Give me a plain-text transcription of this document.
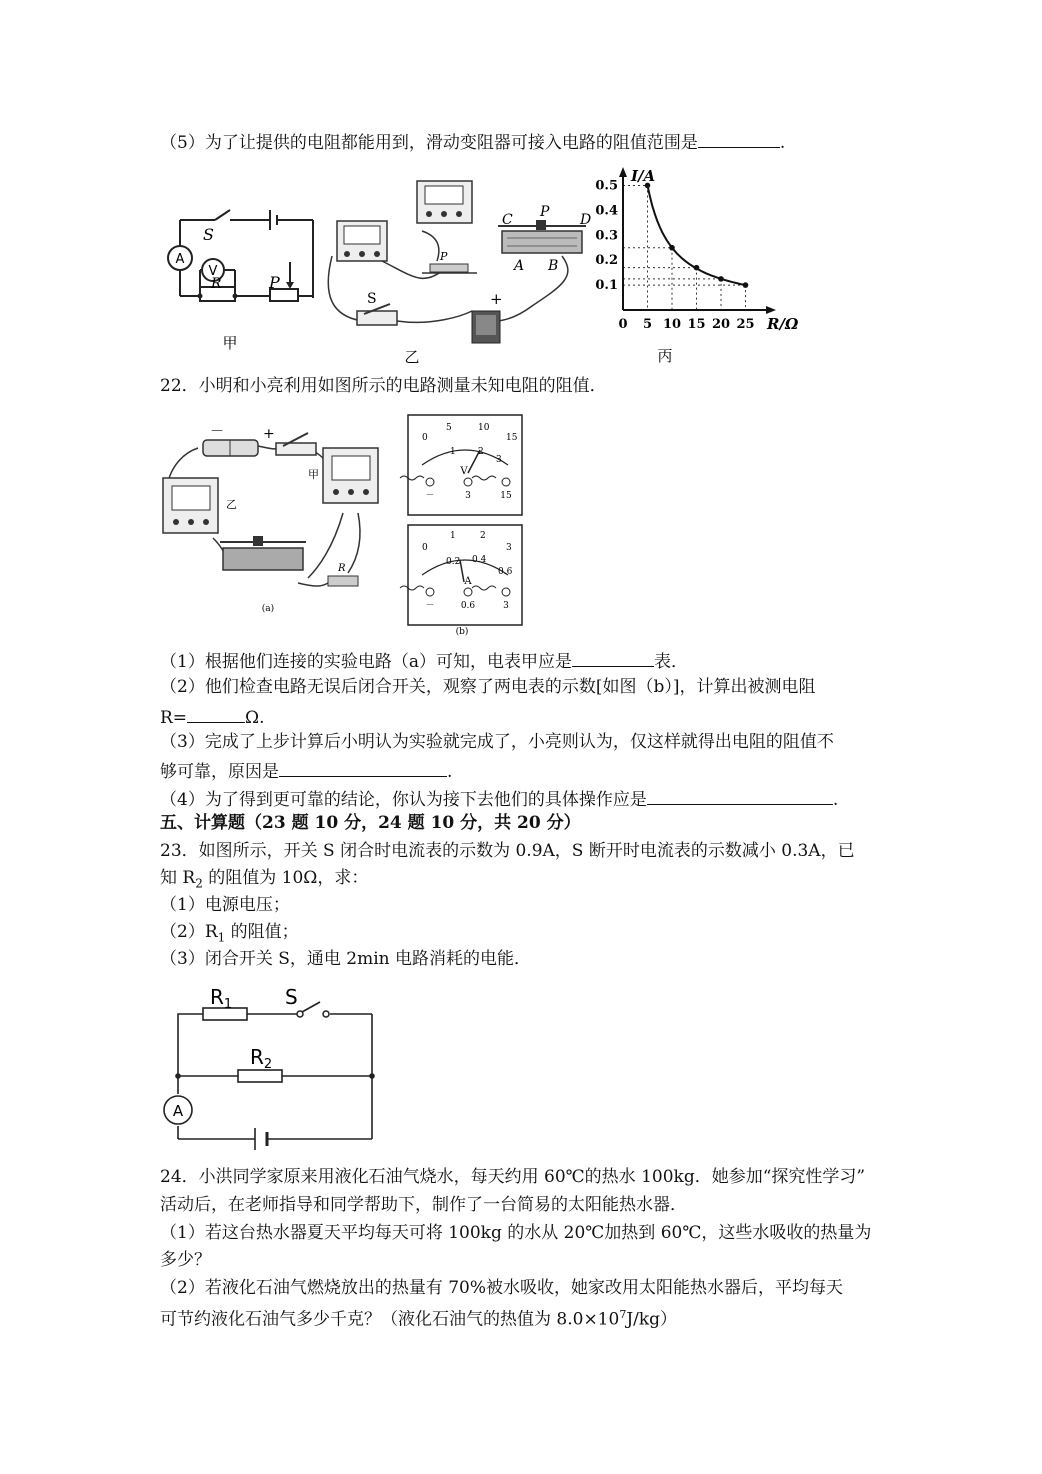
（5）为了让提供的电阻都能用到，滑动变阻器可接入电路的阻值范围是	.
A
V
S
R	P
甲
S
P
+
C P D
A B
乙
0 5 10 15 20 25
0.1
0.2
0.3
0.4
0.5
I/A
R/Ω
丙
22．小明和小亮利用如图所示的电路测量未知电阻的阻值．
－	+
乙
甲
R
(a)
0
5	10
15
1 2
3
V
－	3	15
0
1	2
3
0.2 0.4
0.6
A
－	0.6	3
(b)
（1）根据他们连接的实验电路（a）可知，电表甲应是	表．
（2）他们检查电路无误后闭合开关，观察了两电表的示数[如图（b）]，计算出被测电阻
R=	Ω.
（3）完成了上步计算后小明认为实验就完成了，小亮则认为，仅这样就得出电阻的阻值不
够可靠，原因是	.
（4）为了得到更可靠的结论，你认为接下去他们的具体操作应是	.
五、计算题（23 题 10 分，24 题 10 分，共 20 分）
23．如图所示，开关 S 闭合时电流表的示数为 0.9A，S 断开时电流表的示数减小 0.3A，已
知 $R_2$ 的阻值为 10Ω，求：
（1）电源电压；
$(2)R_1$ 的阻值；
（3）闭合开关 S，通电 2min 电路消耗的电能．
A
$R_1$
$R_2$
S
24．小洪同学家原来用液化石油气烧水，每天约用 60℃的热水 100kg．她参加“探究性学习”
活动后，在老师指导和同学帮助下，制作了一台简易的太阳能热水器．
（1）若这台热水器夏天平均每天可将 100kg 的水从 20℃加热到 60℃，这些水吸收的热量为
多少？
（2）若液化石油气燃烧放出的热量有 70%被水吸收，她家改用太阳能热水器后，平均每天
可节约液化石油气多少千克？（液化石油气的热值为 $8.0\times 10^7J/kg$）
